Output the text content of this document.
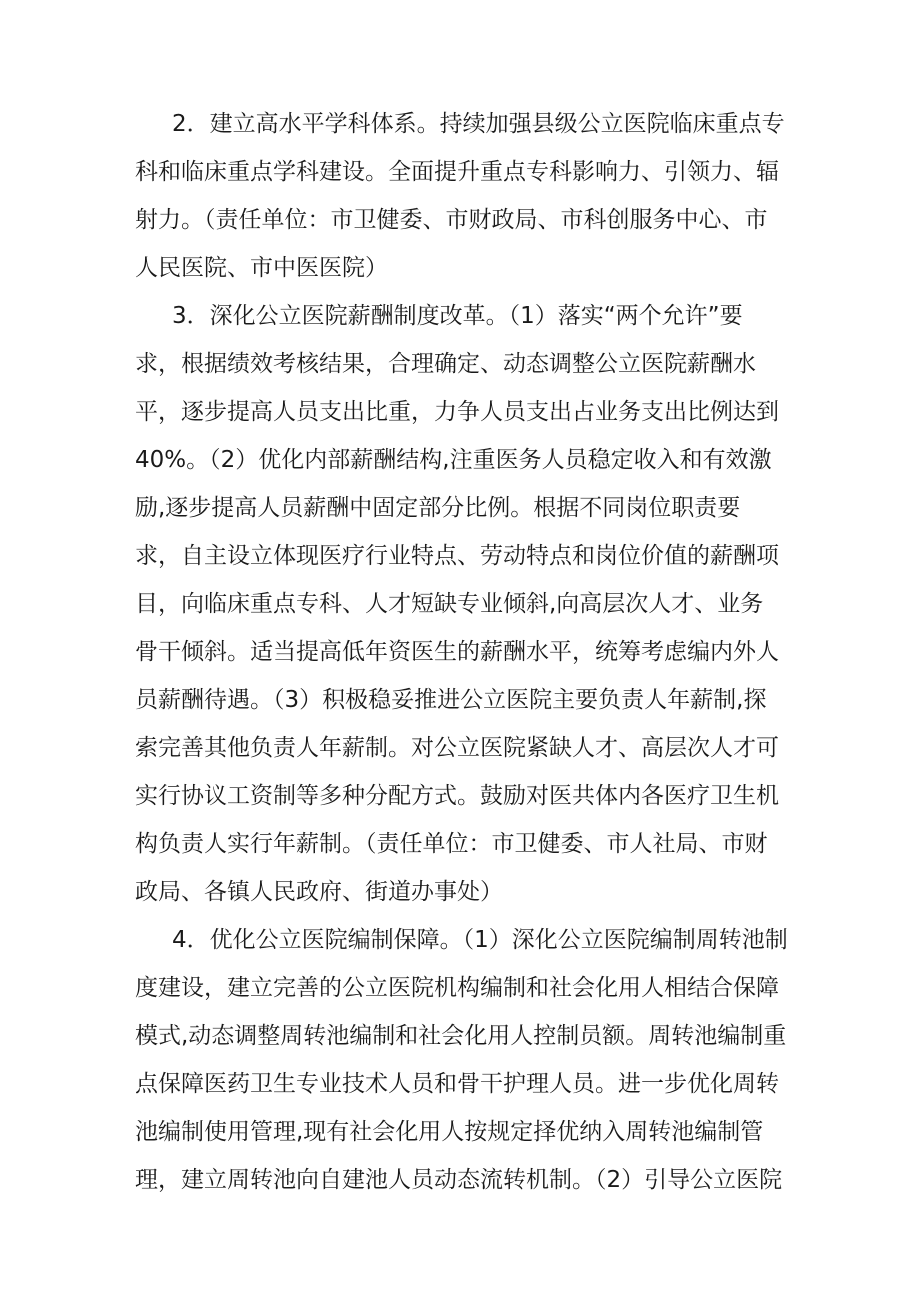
2．建立高水平学科体系。持续加强县级公立医院临床重点专

科和临床重点学科建设。全面提升重点专科影响力、引领力、辐

射力。（责任单位：市卫健委、市财政局、市科创服务中心、市

人民医院、市中医医院）

3．深化公立医院薪酬制度改革。（1）落实“两个允许”要

求，根据绩效考核结果，合理确定、动态调整公立医院薪酬水

平，逐步提高人员支出比重，力争人员支出占业务支出比例达到

40%。（2）优化内部薪酬结构,注重医务人员稳定收入和有效激

励,逐步提高人员薪酬中固定部分比例。根据不同岗位职责要

求，自主设立体现医疗行业特点、劳动特点和岗位价值的薪酬项

目，向临床重点专科、人才短缺专业倾斜,向高层次人才、业务

骨干倾斜。适当提高低年资医生的薪酬水平，统筹考虑编内外人

员薪酬待遇。（3）积极稳妥推进公立医院主要负责人年薪制,探

索完善其他负责人年薪制。对公立医院紧缺人才、高层次人才可

实行协议工资制等多种分配方式。鼓励对医共体内各医疗卫生机

构负责人实行年薪制。（责任单位：市卫健委、市人社局、市财

政局、各镇人民政府、街道办事处）

4．优化公立医院编制保障。（1）深化公立医院编制周转池制

度建设，建立完善的公立医院机构编制和社会化用人相结合保障

模式,动态调整周转池编制和社会化用人控制员额。周转池编制重

点保障医药卫生专业技术人员和骨干护理人员。进一步优化周转

池编制使用管理,现有社会化用人按规定择优纳入周转池编制管

理，建立周转池向自建池人员动态流转机制。（2）引导公立医院
